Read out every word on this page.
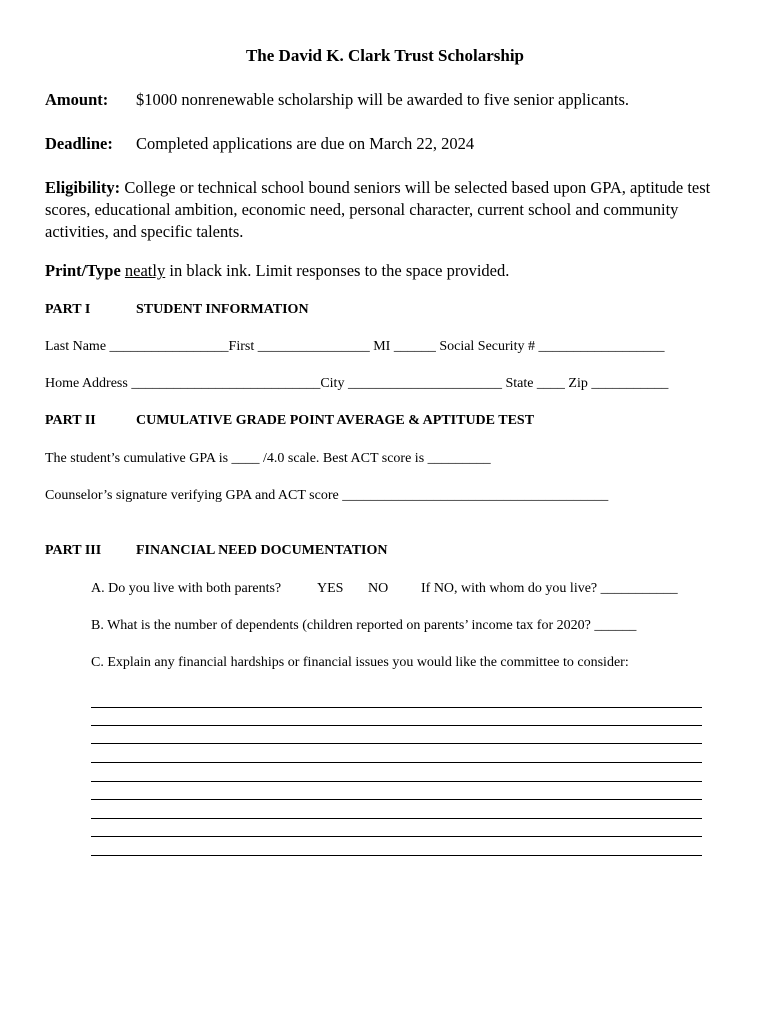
The David K. Clark Trust Scholarship
Amount: $1000 nonrenewable scholarship will be awarded to five senior applicants.
Deadline: Completed applications are due on March 22, 2024
Eligibility: College or technical school bound seniors will be selected based upon GPA, aptitude test scores, educational ambition, economic need, personal character, current school and community activities, and specific talents.
Print/Type neatly in black ink. Limit responses to the space provided.
PART I	STUDENT INFORMATION
Last Name _________________First ________________ MI ______ Social Security # __________________
Home Address ___________________________City ______________________ State ____ Zip ___________
PART II	CUMULATIVE GRADE POINT AVERAGE & APTITUDE TEST
The student’s cumulative GPA is ____ /4.0 scale. Best ACT score is _________
Counselor’s signature verifying GPA and ACT score ______________________________________
PART III FINANCIAL NEED DOCUMENTATION
A. Do you live with both parents?	YES NO If NO, with whom do you live? ___________
B. What is the number of dependents (children reported on parents’ income tax for 2020? ______
C. Explain any financial hardships or financial issues you would like the committee to consider:
